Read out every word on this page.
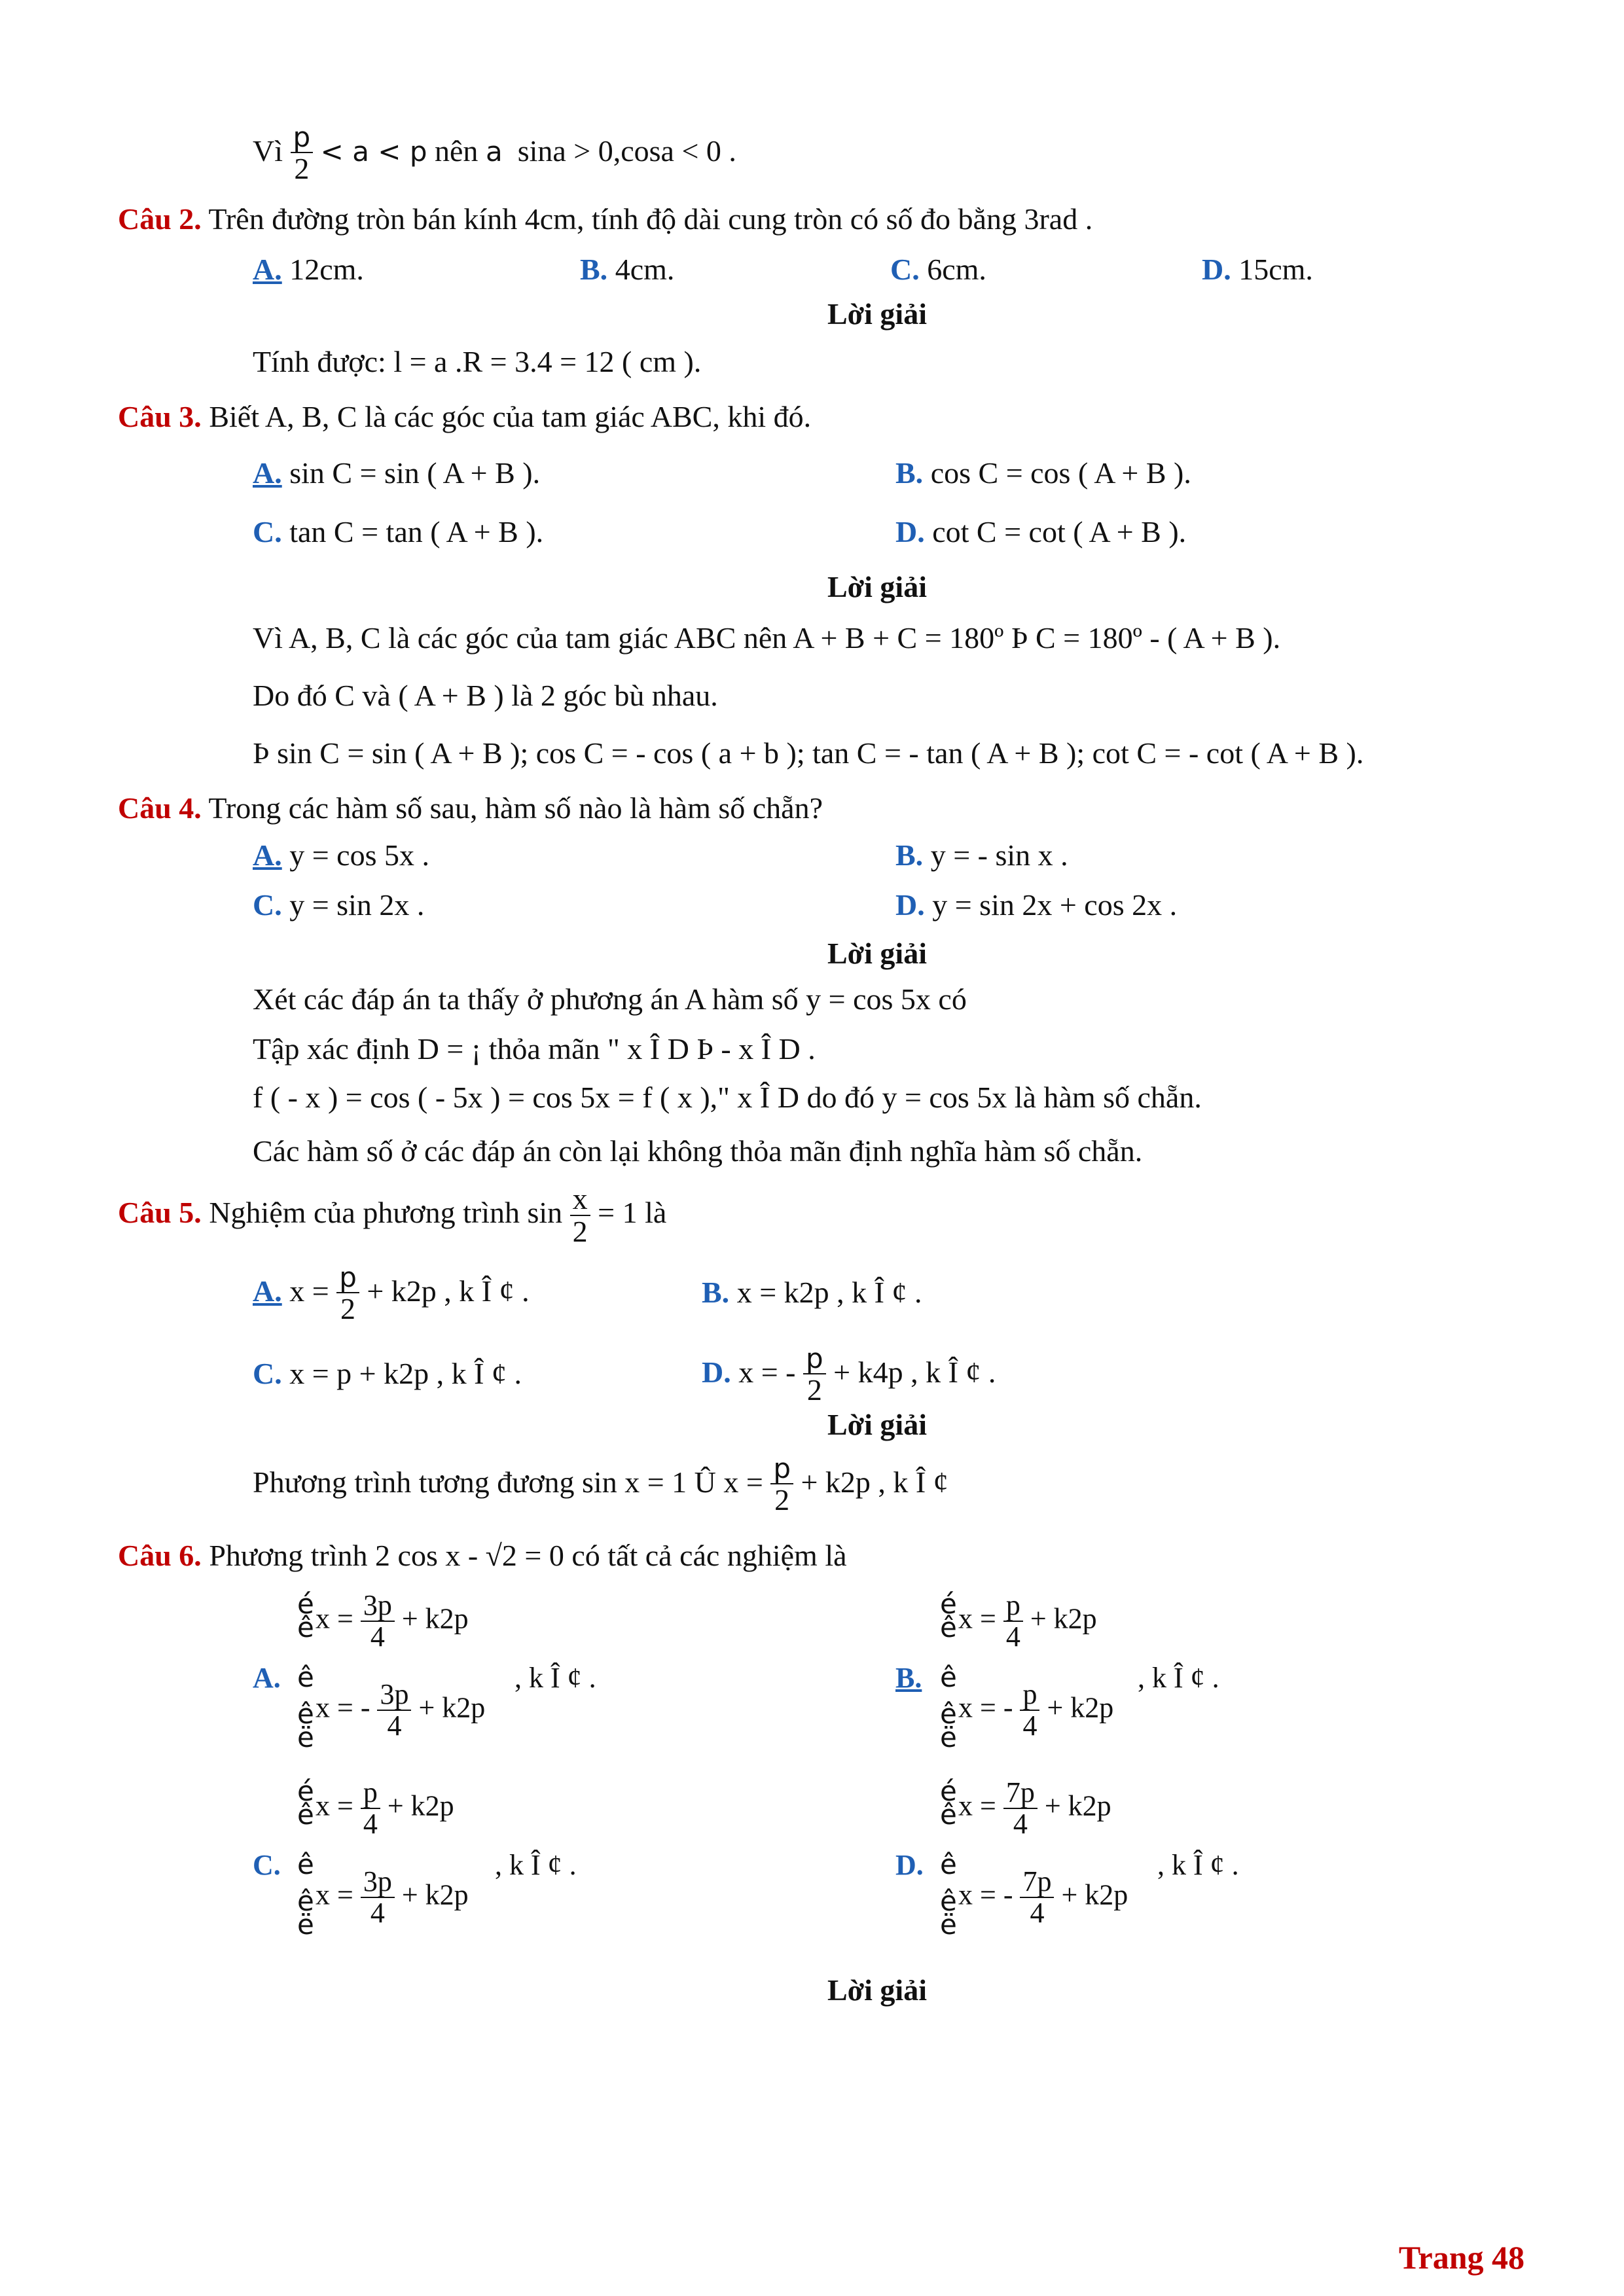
Vì $\frac{p}{2} < a < p$ nên a sina > 0,cosa < 0 .
Câu 2. Trên đường tròn bán kính 4cm, tính độ dài cung tròn có số đo bằng 3rad .
A. 12cm.	B. 4cm.	C. 6cm.	D. 15cm.
Lời giải
Tính được: l = a .R = 3.4 = 12 ( cm ).
Câu 3. Biết A, B, C là các góc của tam giác ABC, khi đó.
A. sin C = sin ( A + B ).	B. cos C = cos ( A + B ).
C. tan C = tan ( A + B ).	D. cot C = cot ( A + B ).
Lời giải
Vì A, B, C là các góc của tam giác ABC nên A + B + C = 180º Þ C = 180º - ( A + B ).
Do đó C và ( A + B ) là 2 góc bù nhau.
Þ sin C = sin ( A + B ); cos C = - cos ( a + b ); tan C = - tan ( A + B ); cot C = - cot ( A + B ).
Câu 4. Trong các hàm số sau, hàm số nào là hàm số chẵn?
A. y = cos 5x .	B. y = - sin x .
C. y = sin 2x .	D. y = sin 2x + cos 2x .
Lời giải
Xét các đáp án ta thấy ở phương án A hàm số y = cos 5x có
Tập xác định D = ¡ thỏa mãn " x Î D Þ - x Î D .
f ( - x ) = cos ( - 5x ) = cos 5x = f ( x )," x Î D do đó y = cos 5x là hàm số chẵn.
Các hàm số ở các đáp án còn lại không thỏa mãn định nghĩa hàm số chẵn.
Câu 5. Nghiệm của phương trình $\sin \frac{x}{2} = 1$ là
A. $x = \frac{p}{2} + k2p$ , k Î ¢ .	B. x = k2p , k Î ¢ .
C. x = p + k2p , k Î ¢ .	D. x = - $\frac{p}{2} + k4p$ , k Î ¢ .
Lời giải
Phương trình tương đương sin x = 1 Û $x = \frac{p}{2} + k2p$ , k Î ¢
Câu 6. Phương trình 2 cos x - √2 = 0 có tất cả các nghiệm là
A.
é
ê
ê
ê
ë
$x = \frac{3p}{4} + k2p$
x = - $\frac{3p}{4} + k2p$
, k Î ¢ .	B.
é
ê
ê
ê
ë
$x = \frac{p}{4} + k2p$
x = - $\frac{p}{4} + k2p$
, k Î ¢ .
C.
é
ê
ê
ê
ë
$x = \frac{p}{4} + k2p$
$x = \frac{3p}{4} + k2p$
, k Î ¢ .	D.
é
ê
ê
ê
ë
$x = \frac{7p}{4} + k2p$
x = - $\frac{7p}{4} + k2p$
, k Î ¢ .
Lời giải
Trang 48
